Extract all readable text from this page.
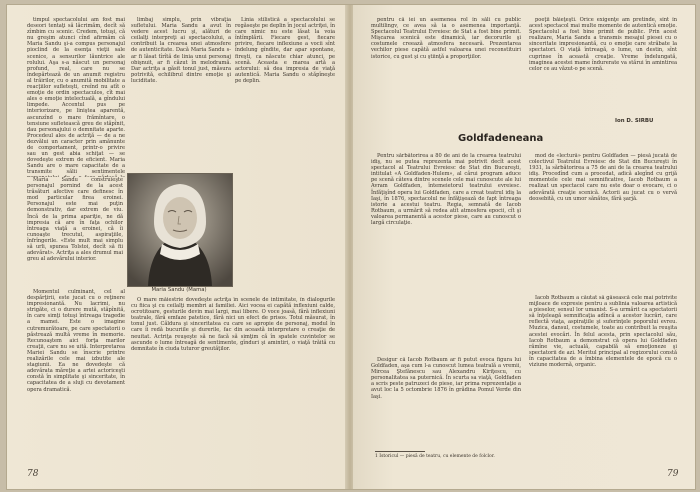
timpul spectacolului am fost mai deseori tentaţi să lăcrimăm, decît să zîmbim cu scenic. Credem, totuşi, că nu greşim atunci cînd afirmăm că Maria Sandu şi-a compus personajul pioclind de la esenţa vieţii sale scenice, a sensurilor lăuntrice ale rolului. Aşa s-a născut un personaj profund, real, care nu se îndepărtează de un anumit registru al trăirilor, cu o anumită mobilitate a reacţiilor sufleteşti, creînd nu atît o emoţie de ordin spectaculos, cît mai ales o emoţie intelectuală, a gîndului limpede. Accentul pus pe interiorizare, pe liniştea aparentă, ascunzînd o mare frămîntare, o tensiune sufletească greu de stăpînit, dau personajului o demnitate aparte. Procedeul ales de actriţă — de a ne dezvălui un caracter prin amănunte de comportament, printr-o privire sau un gest abia schiţat — se dovedeşte extrem de eficient. Maria Sandu are o mare capacitate de a transmite sălii sentimentele

Maria Sandu construieşte personajul pornind de la acest trăsături afective care definesc în mod particular firea eroinei. Personajul este mai puţin demonstrativ, dar extrem de viu. Încă de la prima apariţie, ne dă impresia că are în faţa ochilor întreaga viaţă a eroinei, că îi cunoaşte trecutul, aspiraţiile, înfrîngerile. «Este mult mai simplu să urli, spunea Tolstoi, decît să fii adevărat». Actriţa a ales drumul mai greu al adevărului interior.

Momentul culminant, cel al despărţirii, este jucat cu o reţinere impresionantă. Nu lacrimi, nu strigăte, ci o durere mută, stăpînită, în care simţi totuşi întreaga tragedie a mamei. Este o imagine cutremurătoare, pe care spectatorii o păstrează multă vreme în memorie. Recunoaştem aici forţa marilor creaţii, care nu se uită. Interpretarea Mariei Sandu se înscrie printre realizările cele mai izbutite ale stagiunii. Ea ne dovedeşte că adevărata măreţie a artei actoriceşti constă în simplitate şi sinceritate, în capacitatea de a sluji cu devotament opera dramatică.

limbaj simplu, prin vibraţia sufletului. Maria Sandu a avut în vedere acest lucru şi, alături de ceilalţi interpreţi ai spectacolului, a contribuit la crearea unei atmosfere de autenticitate. Dacă Maria Sandu s-ar fi lăsat tîrîtă de linia unui personaj obişnuit, ar fi căzut în melodramă. Dar actriţa a găsit tonul just, măsura potrivită, echilibrul dintre emoţie şi luciditate.

Maria Sandu (Mama)

Linia stilistică a spectacolului se regăseşte pe deplin în jocul actriţei, în care nimic nu este lăsat la voia întîmplării. Fiecare gest, fiecare privire, fiecare inflexiune a vocii sînt îndelung gîndite, dar apar spontane, fireşti, ca născute chiar atunci, pe scenă. Aceasta e marea artă a actorului: să dea impresia de viaţă autentică. Maria Sandu o stăpîneşte pe deplin.

O mare măiestrie dovedeşte actriţa în scenele de intimitate, în dialogurile cu fiica şi cu ceilalţi membri ai familiei. Aici vocea ei capătă inflexiuni calde, ocrotitoare, gesturile devin mai largi, mai libere. O voce joasă, fără inflexiuni teatrale, fără emfaze patetice, fără nici un efect de prisos. Totul măsurat, în tonul just. Căldura şi sinceritatea cu care se apropie de personaj, modul în care îi redă bucuriile şi durerile, fac din această interpretare o creaţie de neuitat. Actriţa reuşeşte să ne facă să simţim că în spatele cuvintelor se ascunde o lume întreagă de sentimente, gînduri şi amintiri, o viaţă trăită cu demnitate în ciuda tuturor greutăţilor.

78

pentru că iei un asemenea rol în săli cu public multilingv, ce avea să ia o asemenea importanţă. Spectacolul Teatrului Evreiesc de Stat a fost bine primit. Mişcarea scenică este dinamică, iar decorurile şi costumele creează atmosfera necesară. Prezentarea vechilor piese capătă astfel valoarea unei reconstituiri istorice, cu gust şi cu ştiinţă a proporţiilor.

poeţii băieţeşti. Orice exigenţe am pretinde, sînt în acest spectacol mai multe momente de autentică emoţie. Spectacolul a fost bine primit de public. Prin acest realizare, Maria Sandu a transmis mesajul piesei cu o sinceritate impresionantă, cu o emoţie care străbate la spectatori. O viaţă întreagă, o lume, un destin, sînt cuprinse în această creaţie. Vreme îndelungată, imaginea acestei mame îndurerate va stărui în amintirea celor ce au văzut-o pe scenă.

Ion D. SIRBU
Goldfadeneana

Pentru sărbătorirea a 80 de ani de la crearea teatrului idiş, nu se putea reprezenta mai potrivit decît acest spectacol al Teatrului Evreiesc de Stat din Bucureşti, intitulat «A Goldfaden-Hulem», al cărui program aduce pe scenă câteva dintre scenele cele mai cunoscute ale lui Avram Goldfaden, întemeietorul teatrului evreiesc. Înfăţişînd opera lui Goldfaden, care a creat teatrul idiş la Iaşi, în 1876, spectacolul ne înfăţişează de fapt întreaga istorie a acestui teatru. Regia, semnată de Iacob Rotbaum, a urmărit să redea atît atmosfera epocii, cît şi valoarea permanentă a acestor piese, care au cunoscut o largă circulaţie.

Desigur că Iacob Rotbaum ar fi putut evoca figura lui Goldfaden, aşa cum l-a cunoscut lumea teatrală a vremii, Mircea Ştefănescu sau Alexandru Kiriţescu, cu personalitatea sa puternică. În scurta sa viaţă, Goldfaden a scris peste patruzeci de piese, iar prima reprezentaţie a avut loc la 5 octombrie 1876 în grădina Pomul Verde din Iaşi.

1 Istoricul — piesă de teatru, cu elemente de folclor.

mod de «lectură» pentru Goldfaden — piesă jucată de colectivul Teatrului Evreiesc de Stat din Bucureşti în 1931, la sărbătorirea a 75 de ani de la crearea teatrului idiş. Procedînd cum a procedat, adică alegînd cu grijă momentele cele mai semnificative, Iacob Rotbaum a realizat un spectacol care nu este doar o evocare, ci o adevărată creaţie scenică. Actorii au jucat cu o vervă deosebită, cu un umor sănătos, fără şarjă.

Iacob Rotbaum a căutat să găsească cele mai potrivite mijloace de expresie pentru a sublinia valoarea artistică a pieselor, sensul lor umanist. S-a urmărit ca spectatorii să înţeleagă semnificaţia adîncă a acestor lucrări, care reflectă viaţa, aspiraţiile şi suferinţele poporului evreu. Muzica, dansul, costumele, toate au contribuit la reuşita acestei evocări. În felul acesta, prin spectacolul său, Iacob Rotbaum a demonstrat că opera lui Goldfaden rămîne vie, actuală, capabilă să emoţioneze şi spectatorii de azi. Meritul principal al regizorului constă în capacitatea de a îmbina elementele de epocă cu o viziune modernă, organic.

79
